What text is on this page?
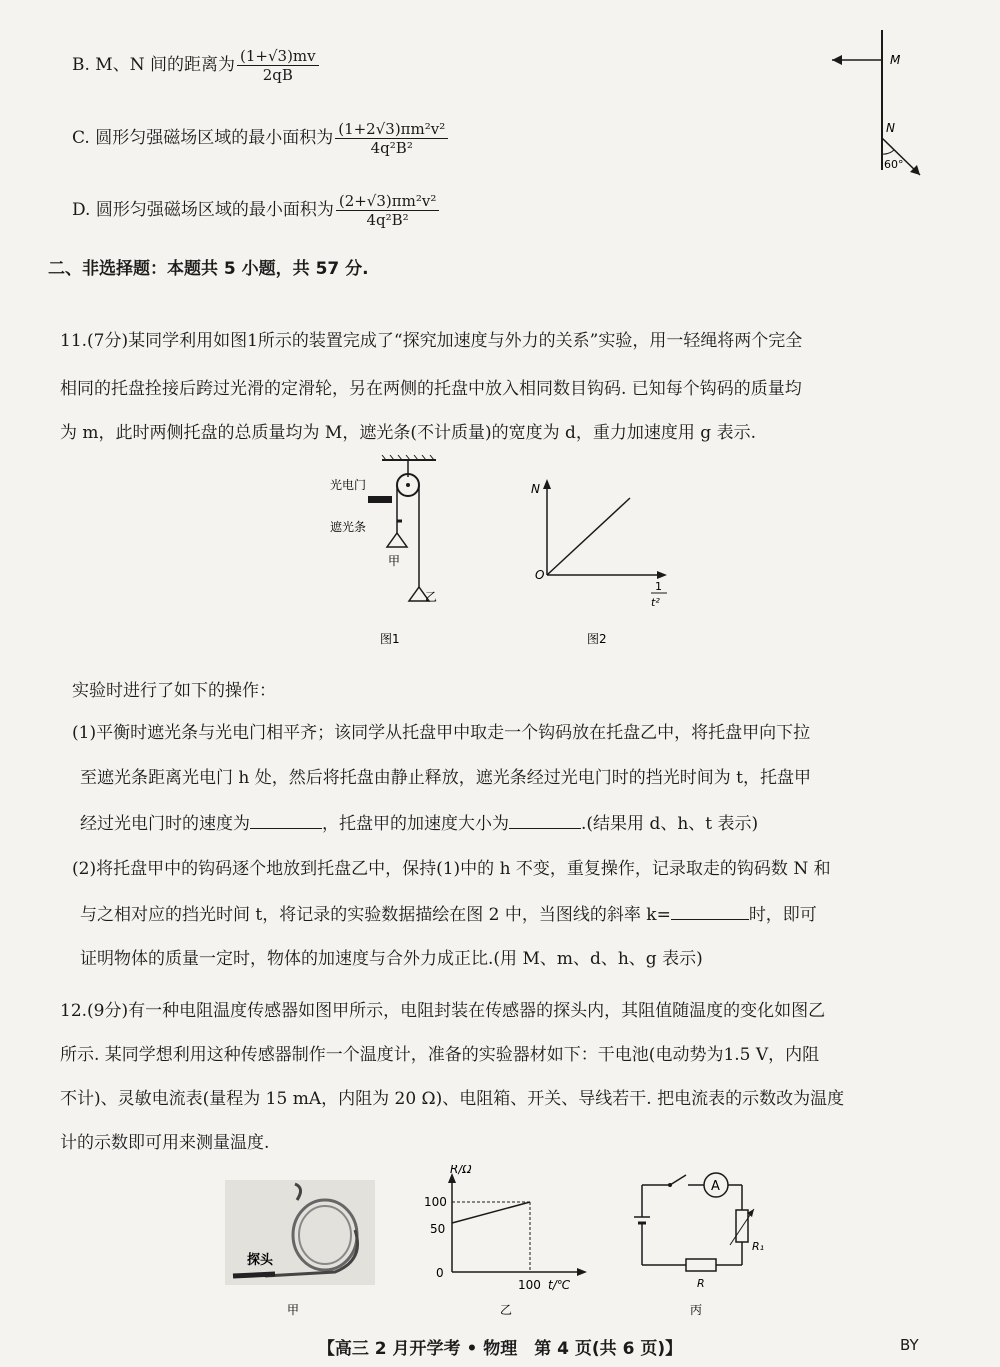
B. M、N 间的距离为 $\frac{(1+√3)mv}{2qB}$
C. 圆形匀强磁场区域的最小面积为 $\frac{\text{(1+2√3)πm²v²}}{\text{4q²B²}}$
D. 圆形匀强磁场区域的最小面积为 $\frac{\text{(2+√3)πm²v²}}{\text{4q²B²}}$
M
N
60°
二、非选择题：本题共 5 小题，共 57 分.
11.(7分)某同学利用如图1所示的装置完成了“探究加速度与外力的关系”实验，用一轻绳将两个完全
相同的托盘拴接后跨过光滑的定滑轮，另在两侧的托盘中放入相同数目钩码. 已知每个钩码的质量均
为 m，此时两侧托盘的总质量均为 M，遮光条(不计质量)的宽度为 d，重力加速度用 g 表示.
光电门
遮光条
甲
乙
图1
N
O
1
t²
图2
实验时进行了如下的操作：
(1)平衡时遮光条与光电门相平齐；该同学从托盘甲中取走一个钩码放在托盘乙中，将托盘甲向下拉
至遮光条距离光电门 h 处，然后将托盘由静止释放，遮光条经过光电门时的挡光时间为 t，托盘甲
经过光电门时的速度为	，托盘甲的加速度大小为	.(结果用 d、h、t 表示)
(2)将托盘甲中的钩码逐个地放到托盘乙中，保持(1)中的 h 不变，重复操作，记录取走的钩码数 N 和
与之相对应的挡光时间 t，将记录的实验数据描绘在图 2 中，当图线的斜率 k=	时，即可
证明物体的质量一定时，物体的加速度与合外力成正比.(用 M、m、d、h、g 表示)
12.(9分)有一种电阻温度传感器如图甲所示，电阻封装在传感器的探头内，其阻值随温度的变化如图乙
所示. 某同学想利用这种传感器制作一个温度计，准备的实验器材如下：干电池(电动势为1.5 V，内阻
不计)、灵敏电流表(量程为 15 mA，内阻为 20 Ω)、电阻箱、开关、导线若干. 把电流表的示数改为温度
计的示数即可用来测量温度.
探头
甲
R/Ω
100
50
0
100 t/℃
乙
A
R₁
R
丙
【高三 2 月开学考 • 物理　第 4 页(共 6 页)】	BY
